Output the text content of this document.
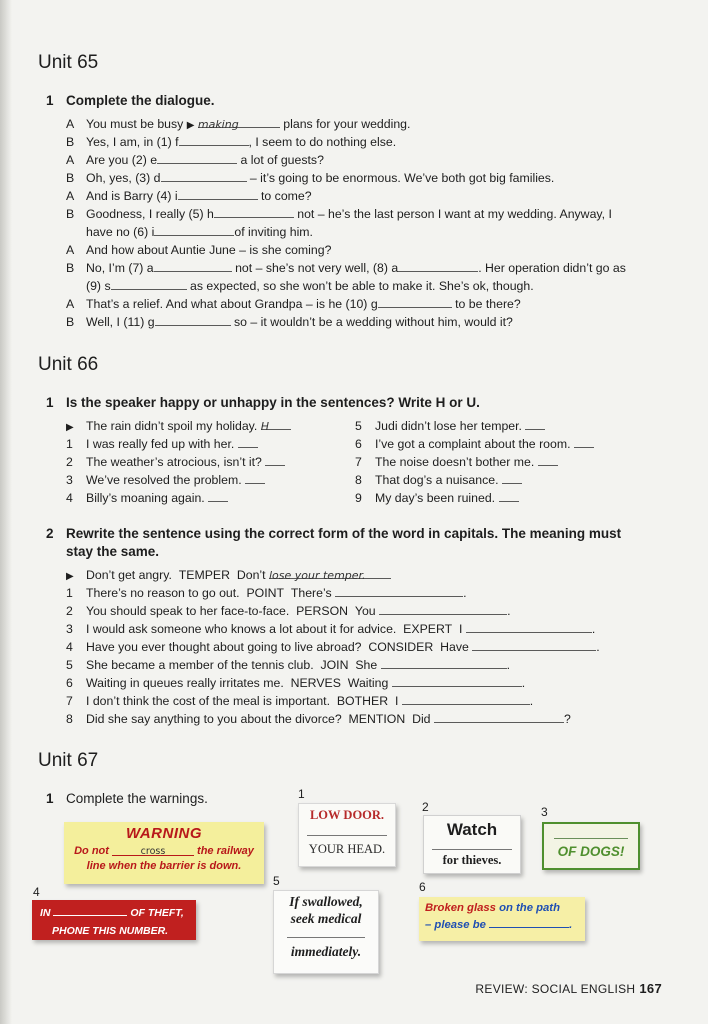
Unit 65
1 Complete the dialogue.
A You must be busy ▶ making	plans for your wedding.
B Yes, I am, in (1) f	, I seem to do nothing else.
A Are you (2) e	a lot of guests?
B Oh, yes, (3) d	– it’s going to be enormous. We’ve both got big families.
A And is Barry (4) i	to come?
B Goodness, I really (5) h	not – he’s the last person I want at my wedding. Anyway, I
have no (6) i	of inviting him.
A And how about Auntie June – is she coming?
B No, I’m (7) a	not – she’s not very well, (8) a	. Her operation didn’t go as
(9) s	as expected, so she won’t be able to make it. She’s ok, though.
A That’s a relief. And what about Grandpa – is he (10) g	to be there?
B Well, I (11) g	so – it wouldn’t be a wedding without him, would it?
Unit 66
1 Is the speaker happy or unhappy in the sentences? Write H or U.
▶ The rain didn’t spoil my holiday. H
1 I was really fed up with her.
2 The weather’s atrocious, isn’t it?
3 We’ve resolved the problem.
4 Billy’s moaning again.
5 Judi didn’t lose her temper.
6 I’ve got a complaint about the room.
7 The noise doesn’t bother me.
8 That dog’s a nuisance.
9 My day’s been ruined.
2 Rewrite the sentence using the correct form of the word in capitals. The meaning must
stay the same.
▶ Don’t get angry. TEMPER Don’t lose your temper.
1 There’s no reason to go out. POINT There’s	.
2 You should speak to her face-to-face. PERSON You	.
3 I would ask someone who knows a lot about it for advice. EXPERT I	.
4 Have you ever thought about going to live abroad? CONSIDER Have	.
5 She became a member of the tennis club. JOIN She	.
6 Waiting in queues really irritates me. NERVES Waiting	.
7 I don’t think the cost of the meal is important. BOTHER I	.
8 Did she say anything to you about the divorce? MENTION Did	?
Unit 67
1 Complete the warnings.
WARNING
Do not	cross	the railway
line when the barrier is down.
1
LOW DOOR.
YOUR HEAD.
2
Watch
for thieves.
3
OF DOGS!
4
IN	OF THEFT,
PHONE THIS NUMBER.
5
If swallowed,
seek medical
immediately.
6
Broken glass on the path
– please be	.
REVIEW: SOCIAL ENGLISH 167
